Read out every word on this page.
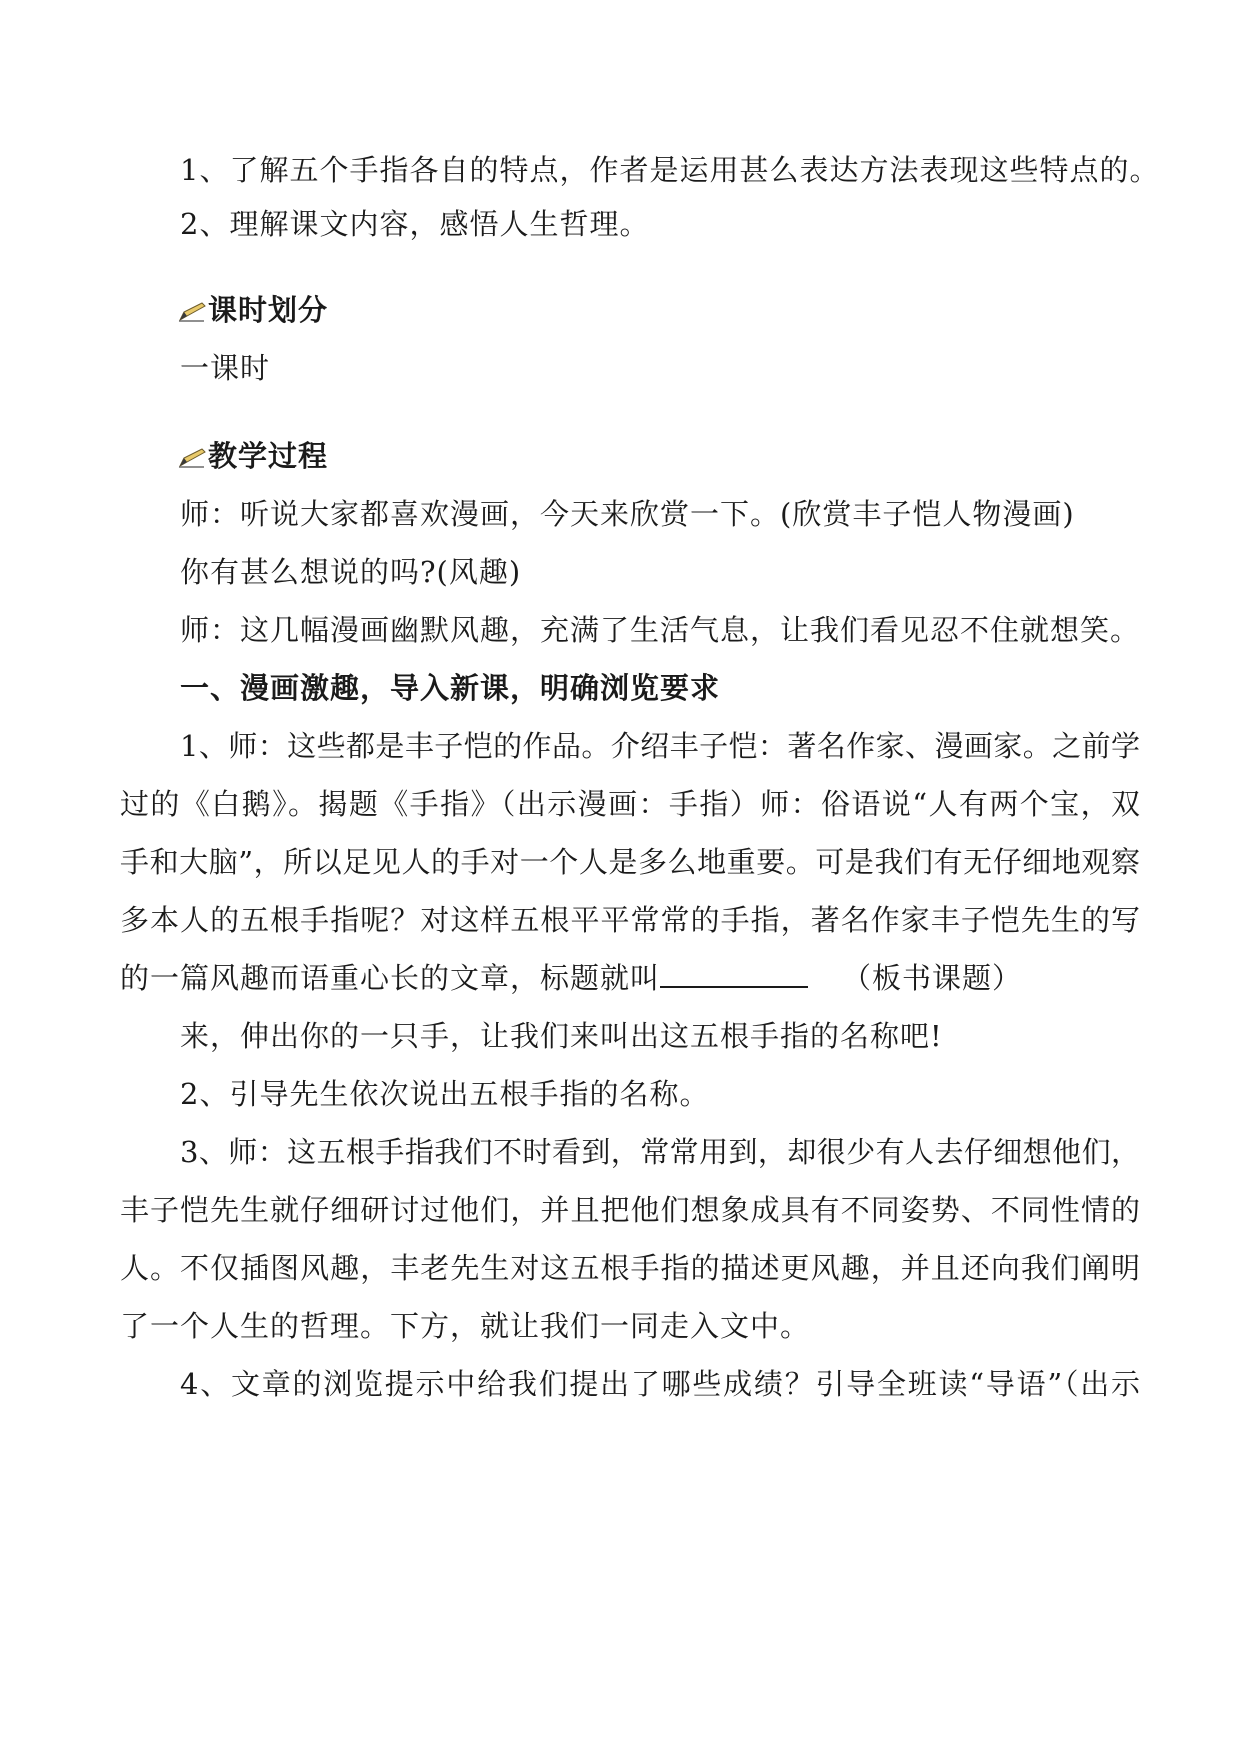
1、了解五个手指各自的特点，作者是运用甚么表达方法表现这些特点的。
2、理解课文内容，感悟人生哲理。
课时划分
一课时
教学过程
师：听说大家都喜欢漫画，今天来欣赏一下。(欣赏丰子恺人物漫画)
你有甚么想说的吗?(风趣)
师：这几幅漫画幽默风趣，充满了生活气息，让我们看见忍不住就想笑。
一、漫画激趣，导入新课，明确浏览要求
1、师：这些都是丰子恺的作品。介绍丰子恺：著名作家、漫画家。之前学
过的《白鹅》。揭题《手指》（出示漫画：手指）师：俗语说“人有两个宝，双
手和大脑”，所以足见人的手对一个人是多么地重要。可是我们有无仔细地观察
多本人的五根手指呢？对这样五根平平常常的手指，著名作家丰子恺先生的写
的一篇风趣而语重心长的文章，标题就叫	（板书课题）
来，伸出你的一只手，让我们来叫出这五根手指的名称吧!
2、引导先生依次说出五根手指的名称。
3、师：这五根手指我们不时看到，常常用到，却很少有人去仔细想他们，
丰子恺先生就仔细研讨过他们，并且把他们想象成具有不同姿势、不同性情的
人。不仅插图风趣，丰老先生对这五根手指的描述更风趣，并且还向我们阐明
了一个人生的哲理。下方，就让我们一同走入文中。
4、文章的浏览提示中给我们提出了哪些成绩？引导全班读“导语”（出示
